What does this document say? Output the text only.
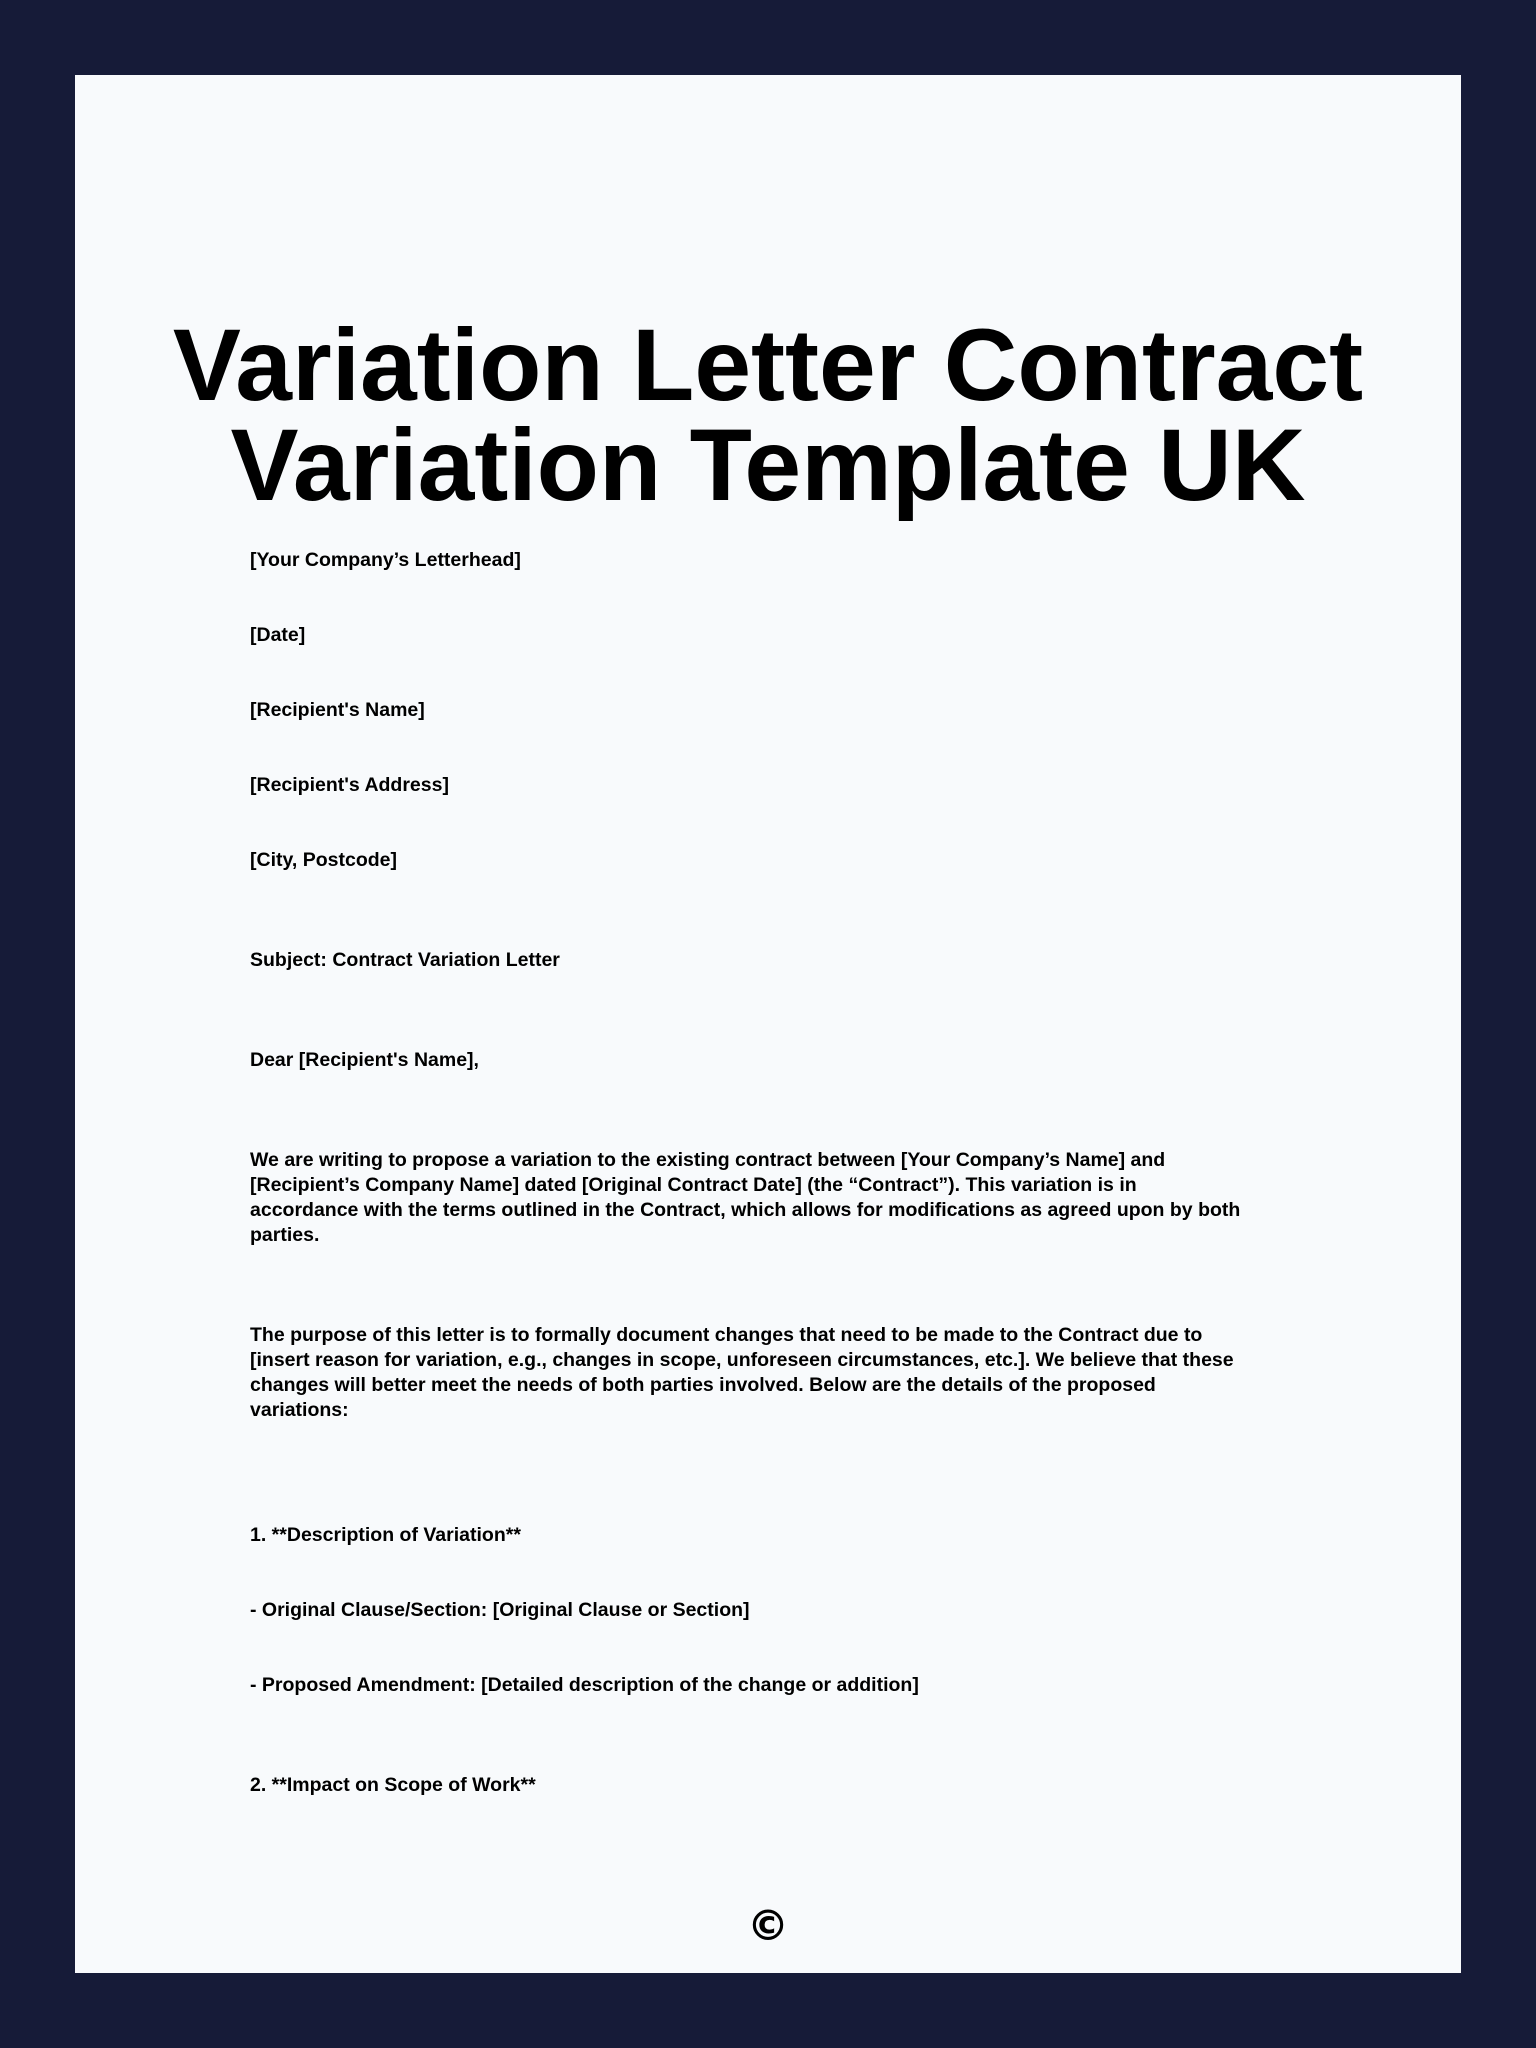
Variation Letter Contract
Variation Template UK

[Your Company’s Letterhead]

[Date]

[Recipient's Name]

[Recipient's Address]

[City, Postcode]

Subject: Contract Variation Letter

Dear [Recipient's Name],

We are writing to propose a variation to the existing contract between [Your Company’s Name] and
[Recipient’s Company Name] dated [Original Contract Date] (the “Contract”). This variation is in
accordance with the terms outlined in the Contract, which allows for modifications as agreed upon by both
parties.
The purpose of this letter is to formally document changes that need to be made to the Contract due to
[insert reason for variation, e.g., changes in scope, unforeseen circumstances, etc.]. We believe that these
changes will better meet the needs of both parties involved. Below are the details of the proposed
variations:

1. **Description of Variation**

- Original Clause/Section: [Original Clause or Section]

- Proposed Amendment: [Detailed description of the change or addition]

2. **Impact on Scope of Work**

©
